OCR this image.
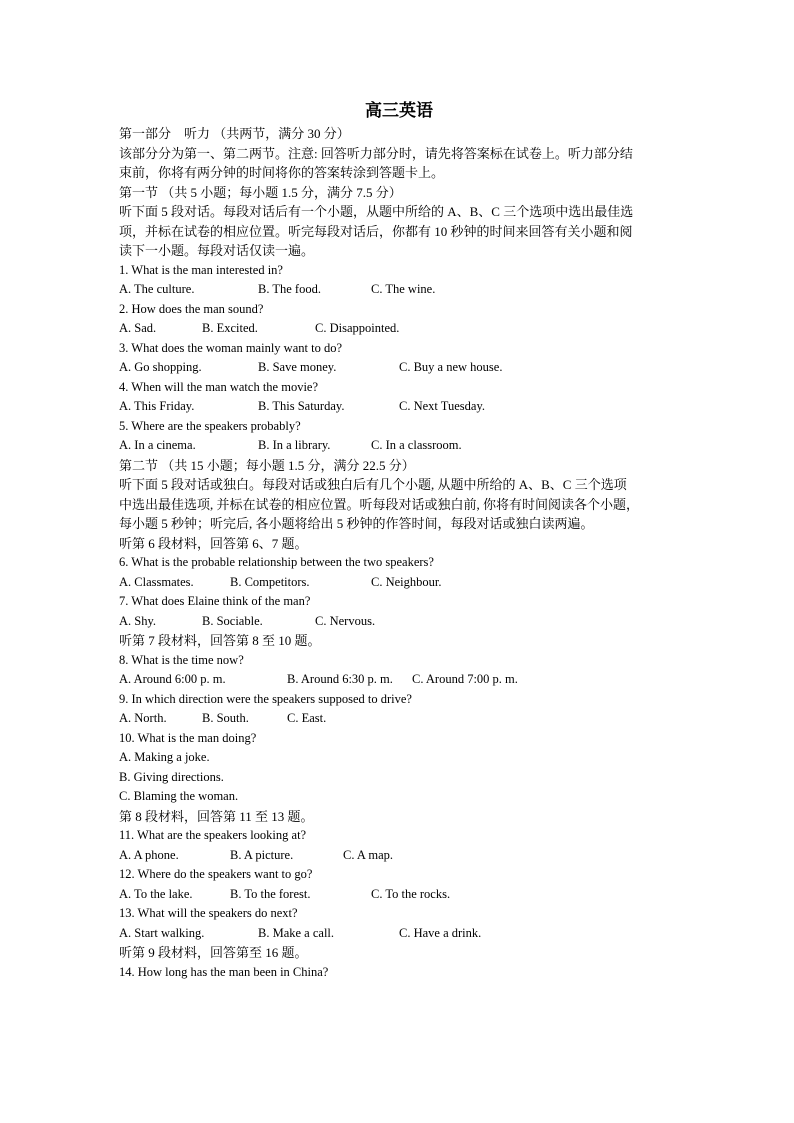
高三英语
第一部分　听力 （共两节，满分 30 分）
该部分分为第一、第二两节。注意: 回答听力部分时，请先将答案标在试卷上。听力部分结
束前，你将有两分钟的时间将你的答案转涂到答题卡上。
第一节 （共 5 小题；每小题 1.5 分，满分 7.5 分）
听下面 5 段对话。每段对话后有一个小题，从题中所给的 A、B、C 三个选项中选出最佳选
项，并标在试卷的相应位置。听完每段对话后，你都有 10 秒钟的时间来回答有关小题和阅
读下一小题。每段对话仅读一遍。
1. What is the man interested in?
A. The culture.	B. The food.	C. The wine.
2. How does the man sound?
A. Sad.	B. Excited.	C. Disappointed.
3. What does the woman mainly want to do?
A. Go shopping.	B. Save money.	C. Buy a new house.
4. When will the man watch the movie?
A. This Friday.	B. This Saturday.	C. Next Tuesday.
5. Where are the speakers probably?
A. In a cinema.	B. In a library.	C. In a classroom.
第二节 （共 15 小题；每小题 1.5 分，满分 22.5 分）
听下面 5 段对话或独白。每段对话或独白后有几个小题, 从题中所给的 A、B、C 三个选项
中选出最佳选项, 并标在试卷的相应位置。听每段对话或独白前, 你将有时间阅读各个小题，
每小题 5 秒钟；听完后, 各小题将给出 5 秒钟的作答时间，每段对话或独白读两遍。
听第 6 段材料，回答第 6、7 题。
6. What is the probable relationship between the two speakers?
A. Classmates.	B. Competitors.	C. Neighbour.
7. What does Elaine think of the man?
A. Shy.	B. Sociable.	C. Nervous.
听第 7 段材料，回答第 8 至 10 题。
8. What is the time now?
A. Around 6:00 p. m.	B. Around 6:30 p. m. C. Around 7:00 p. m.
9. In which direction were the speakers supposed to drive?
A. North.	B. South.	C. East.
10. What is the man doing?
A. Making a joke.
B. Giving directions.
C. Blaming the woman.
第 8 段材料，回答第 11 至 13 题。
11. What are the speakers looking at?
A. A phone.	B. A picture.	C. A map.
12. Where do the speakers want to go?
A. To the lake.	B. To the forest.	C. To the rocks.
13. What will the speakers do next?
A. Start walking.	B. Make a call.	C. Have a drink.
听第 9 段材料，回答第至 16 题。
14. How long has the man been in China?
